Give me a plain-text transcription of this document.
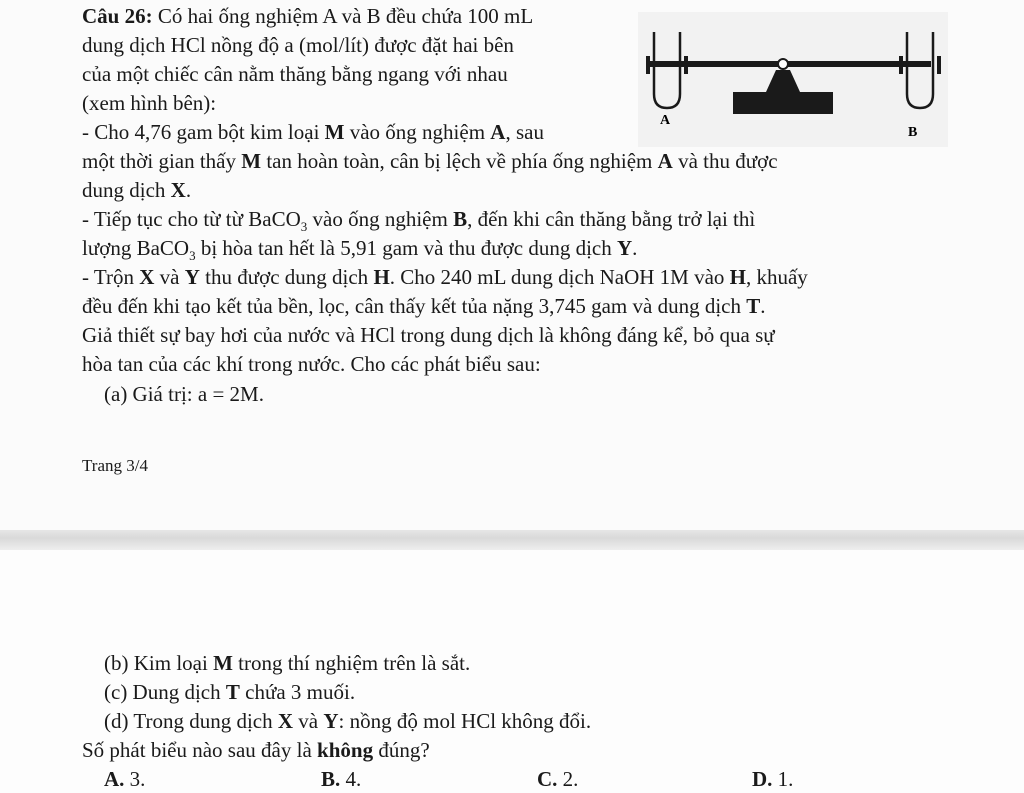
Câu 26: Có hai ống nghiệm A và B đều chứa 100 mL
dung dịch HCl nồng độ a (mol/lít) được đặt hai bên
của một chiếc cân nằm thăng bằng ngang với nhau
(xem hình bên):
- Cho 4,76 gam bột kim loại M vào ống nghiệm A, sau
một thời gian thấy M tan hoàn toàn, cân bị lệch về phía ống nghiệm A và thu được
dung dịch X.
- Tiếp tục cho từ từ BaCO$_3$ vào ống nghiệm B, đến khi cân thăng bằng trở lại thì
lượng BaCO$_3$ bị hòa tan hết là 5,91 gam và thu được dung dịch Y.
- Trộn X và Y thu được dung dịch H. Cho 240 mL dung dịch NaOH 1M vào H, khuấy
đều đến khi tạo kết tủa bền, lọc, cân thấy kết tủa nặng 3,745 gam và dung dịch T.
Giả thiết sự bay hơi của nước và HCl trong dung dịch là không đáng kể, bỏ qua sự
hòa tan của các khí trong nước. Cho các phát biểu sau:
(a) Giá trị: a = 2M.
A
B
Trang 3/4
(b) Kim loại M trong thí nghiệm trên là sắt.
(c) Dung dịch T chứa 3 muối.
(d) Trong dung dịch X và Y: nồng độ mol HCl không đổi.
Số phát biểu nào sau đây là không đúng?
A. 3.	B. 4.	C. 2.	D. 1.
